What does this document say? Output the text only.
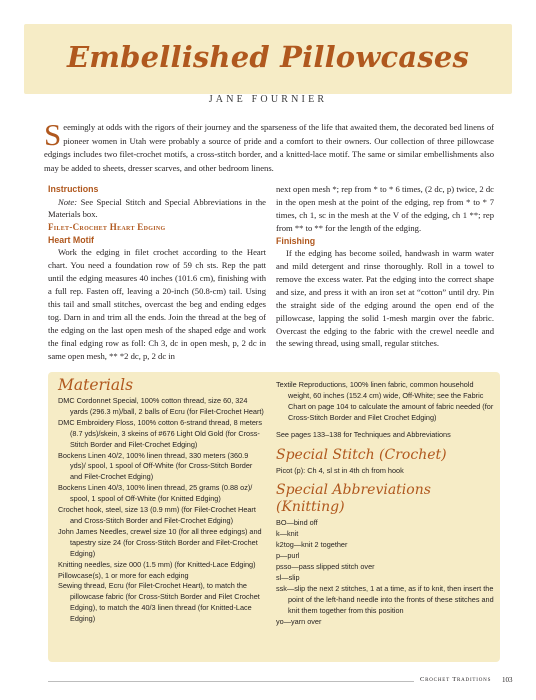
Embellished Pillowcases
JANE FOURNIER
Seemingly at odds with the rigors of their journey and the sparseness of the life that awaited them, the decorated bed linens of pioneer women in Utah were probably a source of pride and a comfort to their owners. Our collection of three pillowcase edgings includes two filet-crochet motifs, a cross-stitch border, and a knitted-lace motif. The same or similar embellishments also may be added to sheets, dresser scarves, and other bedroom linens.
Instructions
Note: See Special Stitch and Special Abbreviations in the Materials box.
Filet-Crochet Heart Edging
Heart Motif
Work the edging in filet crochet according to the Heart chart. You need a foundation row of 59 ch sts. Rep the patt until the edging measures 40 inches (101.6 cm), finishing with a full rep. Fasten off, leaving a 20-inch (50.8-cm) tail. Using this tail and small stitches, overcast the beg and ending edges tog. Darn in and trim all the ends. Join the thread at the beg of the edging on the last open mesh of the shaped edge and work the final edging row as foll: Ch 3, dc in open mesh, p, 2 dc in same open mesh, ** *2 dc, p, 2 dc in
next open mesh *; rep from * to * 6 times, (2 dc, p) twice, 2 dc in the open mesh at the point of the edging, rep from * to * 7 times, ch 1, sc in the mesh at the V of the edging, ch 1 **; rep from ** to ** for the length of the edging.
Finishing
If the edging has become soiled, handwash in warm water and mild detergent and rinse thoroughly. Roll in a towel to remove the excess water. Pat the edging into the correct shape and size, and press it with an iron set at “cotton” until dry. Pin the straight side of the edging around the open end of the pillowcase, lapping the solid 1-mesh margin over the fabric. Overcast the edging to the fabric with the crewel needle and the sewing thread, using small, regular stitches.
Materials
DMC Cordonnet Special, 100% cotton thread, size 60, 324 yards (296.3 m)/ball, 2 balls of Ecru (for Filet-Crochet Heart)
DMC Embroidery Floss, 100% cotton 6-strand thread, 8 meters (8.7 yds)/skein, 3 skeins of #676 Light Old Gold (for Cross-Stitch Border and Filet-Crochet Edging)
Bockens Linen 40/2, 100% linen thread, 330 meters (360.9 yds)/ spool, 1 spool of Off-White (for Cross-Stitch Border and Filet-Crochet Edging)
Bockens Linen 40/3, 100% linen thread, 25 grams (0.88 oz)/ spool, 1 spool of Off-White (for Knitted Edging)
Crochet hook, steel, size 13 (0.9 mm) (for Filet-Crochet Heart and Cross-Stitch Border and Filet-Crochet Edging)
John James Needles, crewel size 10 (for all three edgings) and tapestry size 24 (for Cross-Stitch Border and Filet-Crochet Edging)
Knitting needles, size 000 (1.5 mm) (for Knitted-Lace Edging)
Pillowcase(s), 1 or more for each edging
Sewing thread, Ecru (for Filet-Crochet Heart), to match the pillowcase fabric (for Cross-Stitch Border and Filet Crochet Edging), to match the 40/3 linen thread (for Knitted-Lace Edging)
Textile Reproductions, 100% linen fabric, common household weight, 60 inches (152.4 cm) wide, Off-White; see the Fabric Chart on page 104 to calculate the amount of fabric needed (for Cross-Stitch Border and Filet Crochet Edging)
See pages 133–138 for Techniques and Abbreviations
Special Stitch (Crochet)
Picot (p): Ch 4, sl st in 4th ch from hook
Special Abbreviations (Knitting)
BO—bind off
k—knit
k2tog—knit 2 together
p—purl
psso—pass slipped stitch over
sl—slip
ssk—slip the next 2 stitches, 1 at a time, as if to knit, then insert the point of the left-hand needle into the fronts of these stitches and knit them together from this position
yo—yarn over
Crochet Traditions 103
